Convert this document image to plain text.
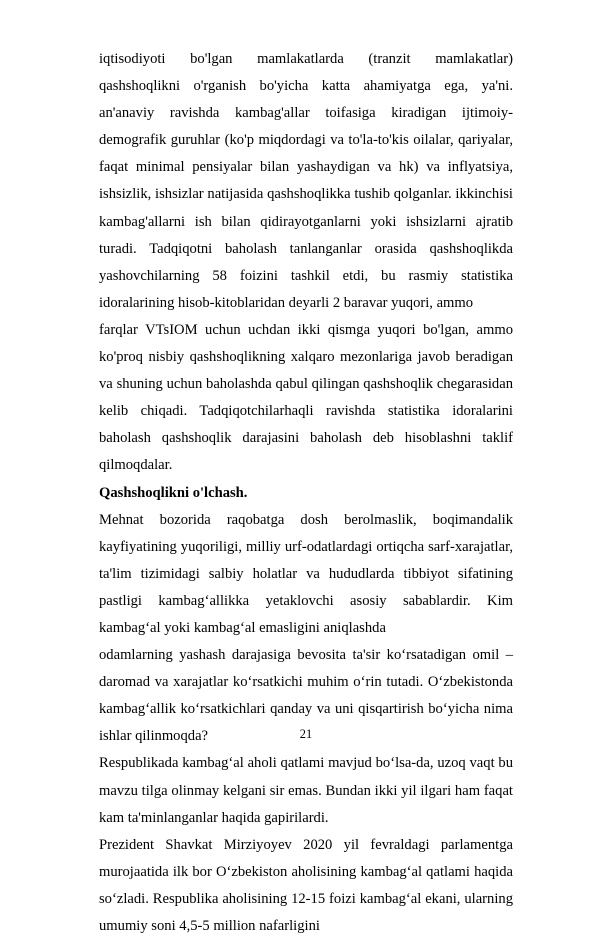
iqtisodiyoti bo'lgan mamlakatlarda (tranzit mamlakatlar) qashshoqlikni o'rganish bo'yicha katta ahamiyatga ega, ya'ni. an'anaviy ravishda kambag'allar toifasiga kiradigan ijtimoiy-demografik guruhlar (ko'p miqdordagi va to'la-to'kis oilalar, qariyalar, faqat minimal pensiyalar bilan yashaydigan va hk) va inflyatsiya, ishsizlik, ishsizlar natijasida qashshoqlikka tushib qolganlar. ikkinchisi kambag'allarni ish bilan qidirayotganlarni yoki ishsizlarni ajratib turadi. Tadqiqotni baholash tanlanganlar orasida qashshoqlikda yashovchilarning 58 foizini tashkil etdi, bu rasmiy statistika idoralarining hisob-kitoblaridan deyarli 2 baravar yuqori, ammo

farqlar VTsIOM uchun uchdan ikki qismga yuqori bo'lgan, ammo ko'proq nisbiy qashshoqlikning xalqaro mezonlariga javob beradigan va shuning uchun baholashda qabul qilingan qashshoqlik chegarasidan kelib chiqadi. Tadqiqotchilarhaqli ravishda statistika idoralarini baholash qashshoqlik darajasini baholash deb hisoblashni taklif qilmoqdalar.

Qashshoqlikni o'lchash.

Mehnat bozorida raqobatga dosh berolmaslik, boqimandalik kayfiyatining yuqoriligi, milliy urf-odatlardagi ortiqcha sarf-xarajatlar, ta'lim tizimidagi salbiy holatlar va hududlarda tibbiyot sifatining pastligi kambagʻallikka yetaklovchi asosiy sabablardir. Kim kambagʻal yoki kambagʻal emasligini aniqlashda

odamlarning yashash darajasiga bevosita ta'sir koʻrsatadigan omil – daromad va xarajatlar koʻrsatkichi muhim oʻrin tutadi. Oʻzbekistonda kambagʻallik koʻrsatkichlari qanday va uni qisqartirish boʻyicha nima ishlar qilinmoqda?

Respublikada kambagʻal aholi qatlami mavjud boʻlsa-da, uzoq vaqt bu mavzu tilga olinmay kelgani sir emas. Bundan ikki yil ilgari ham faqat kam ta'minlanganlar haqida gapirilardi.

Prezident Shavkat Mirziyoyev 2020 yil fevraldagi parlamentga murojaatida ilk bor Oʻzbekiston aholisining kambagʻal qatlami haqida soʻzladi. Respublika aholisining 12-15 foizi kambagʻal ekani, ularning umumiy soni 4,5-5 million nafarligini

21
